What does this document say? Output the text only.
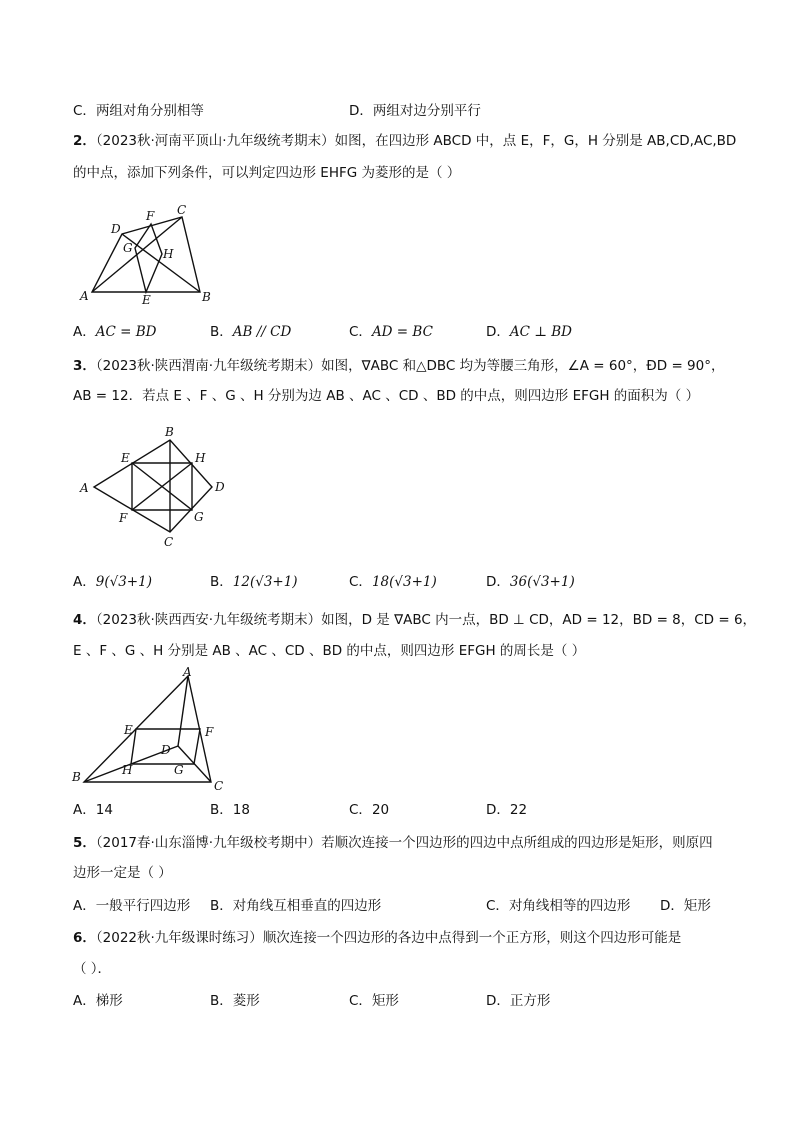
C．两组对角分别相等	D．两组对边分别平行
2．（2023秋·河南平顶山·九年级统考期末）如图，在四边形 ABCD 中，点 E，F，G，H 分别是 AB,CD,AC,BD
的中点，添加下列条件，可以判定四边形 EHFG 为菱形的是（ ）
A	B
C
D
E
F
G	H
A．AC = BD	B．AB // CD	C．AD = BC	D．AC ⊥ BD
3．（2023秋·陕西渭南·九年级统考期末）如图，∇ABC 和△DBC 均为等腰三角形，∠A = 60°，ÐD = 90°，
AB = 12．若点 E 、F 、G 、H 分别为边 AB 、AC 、CD 、BD 的中点，则四边形 EFGH 的面积为（ ）
A
B
C
D
E
F	G
H
A．9(√3+1)	B．12(√3+1)	C．18(√3+1)	D．36(√3+1)
4．（2023秋·陕西西安·九年级统考期末）如图，D 是 ∇ABC 内一点，BD ⊥ CD，AD = 12，BD = 8，CD = 6，
E 、F 、G 、H 分别是 AB 、AC 、CD 、BD 的中点，则四边形 EFGH 的周长是（ ）
A
B
C
D
E	F
G
H
A．14	B．18	C．20	D．22
5．（2017春·山东淄博·九年级校考期中）若顺次连接一个四边形的四边中点所组成的四边形是矩形，则原四
边形一定是（ ）
A．一般平行四边形 B．对角线互相垂直的四边形	C．对角线相等的四边形 D．矩形
6．（2022秋·九年级课时练习）顺次连接一个四边形的各边中点得到一个正方形，则这个四边形可能是
（ ）．
A．梯形	B．菱形	C．矩形	D．正方形
